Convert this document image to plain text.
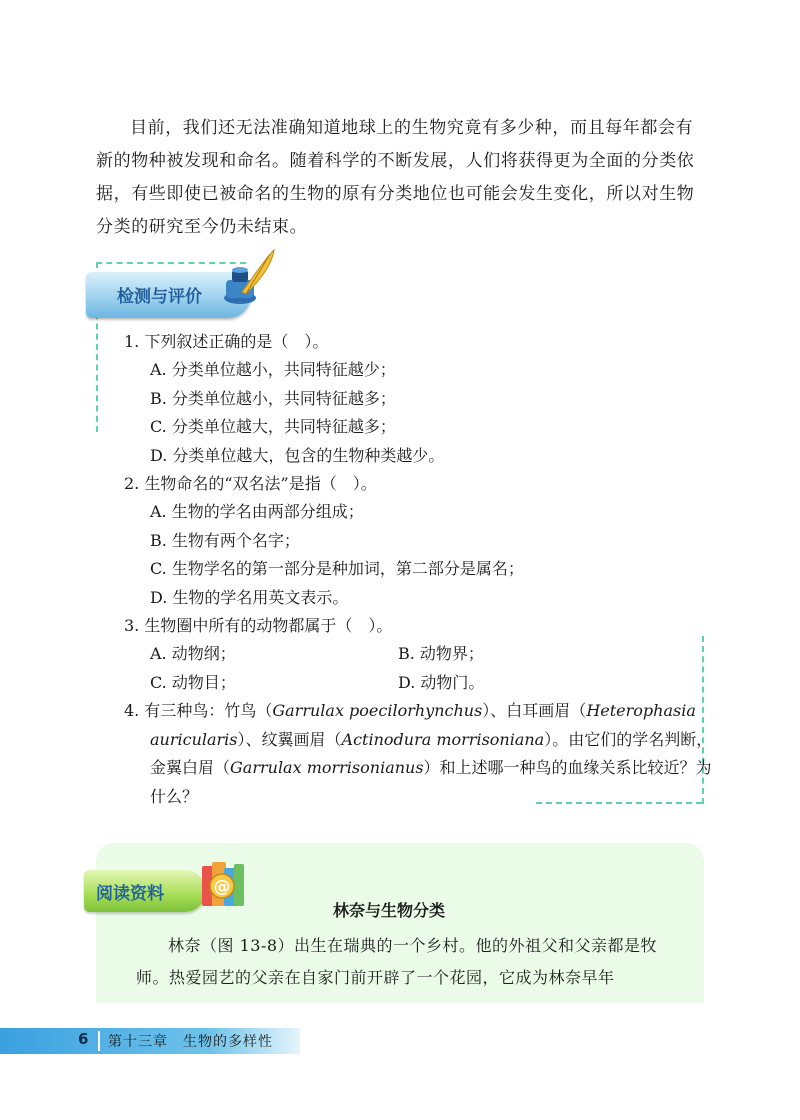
目前，我们还无法准确知道地球上的生物究竟有多少种，而且每年都会有新的物种被发现和命名。随着科学的不断发展，人们将获得更为全面的分类依据，有些即使已被命名的生物的原有分类地位也可能会发生变化，所以对生物分类的研究至今仍未结束。

检测与评价

1. 下列叙述正确的是（　）。

A. 分类单位越小，共同特征越少；

B. 分类单位越小，共同特征越多；

C. 分类单位越大，共同特征越多；

D. 分类单位越大，包含的生物种类越少。

2. 生物命名的“双名法”是指（　）。

A. 生物的学名由两部分组成；

B. 生物有两个名字；

C. 生物学名的第一部分是种加词，第二部分是属名；

D. 生物的学名用英文表示。

3. 生物圈中所有的动物都属于（　）。

A. 动物纲；	B. 动物界；

C. 动物目；	D. 动物门。

4. 有三种鸟：竹鸟（Garrulax poecilorhynchus）、白耳画眉（Heterophasia auricularis）、纹翼画眉（Actinodura morrisoniana）。由它们的学名判断，金翼白眉（Garrulax morrisonianus）和上述哪一种鸟的血缘关系比较近？为什么？

阅读资料	@
林奈与生物分类

林奈（图 13-8）出生在瑞典的一个乡村。他的外祖父和父亲都是牧师。热爱园艺的父亲在自家门前开辟了一个花园，它成为林奈早年

6 第十三章　生物的多样性
